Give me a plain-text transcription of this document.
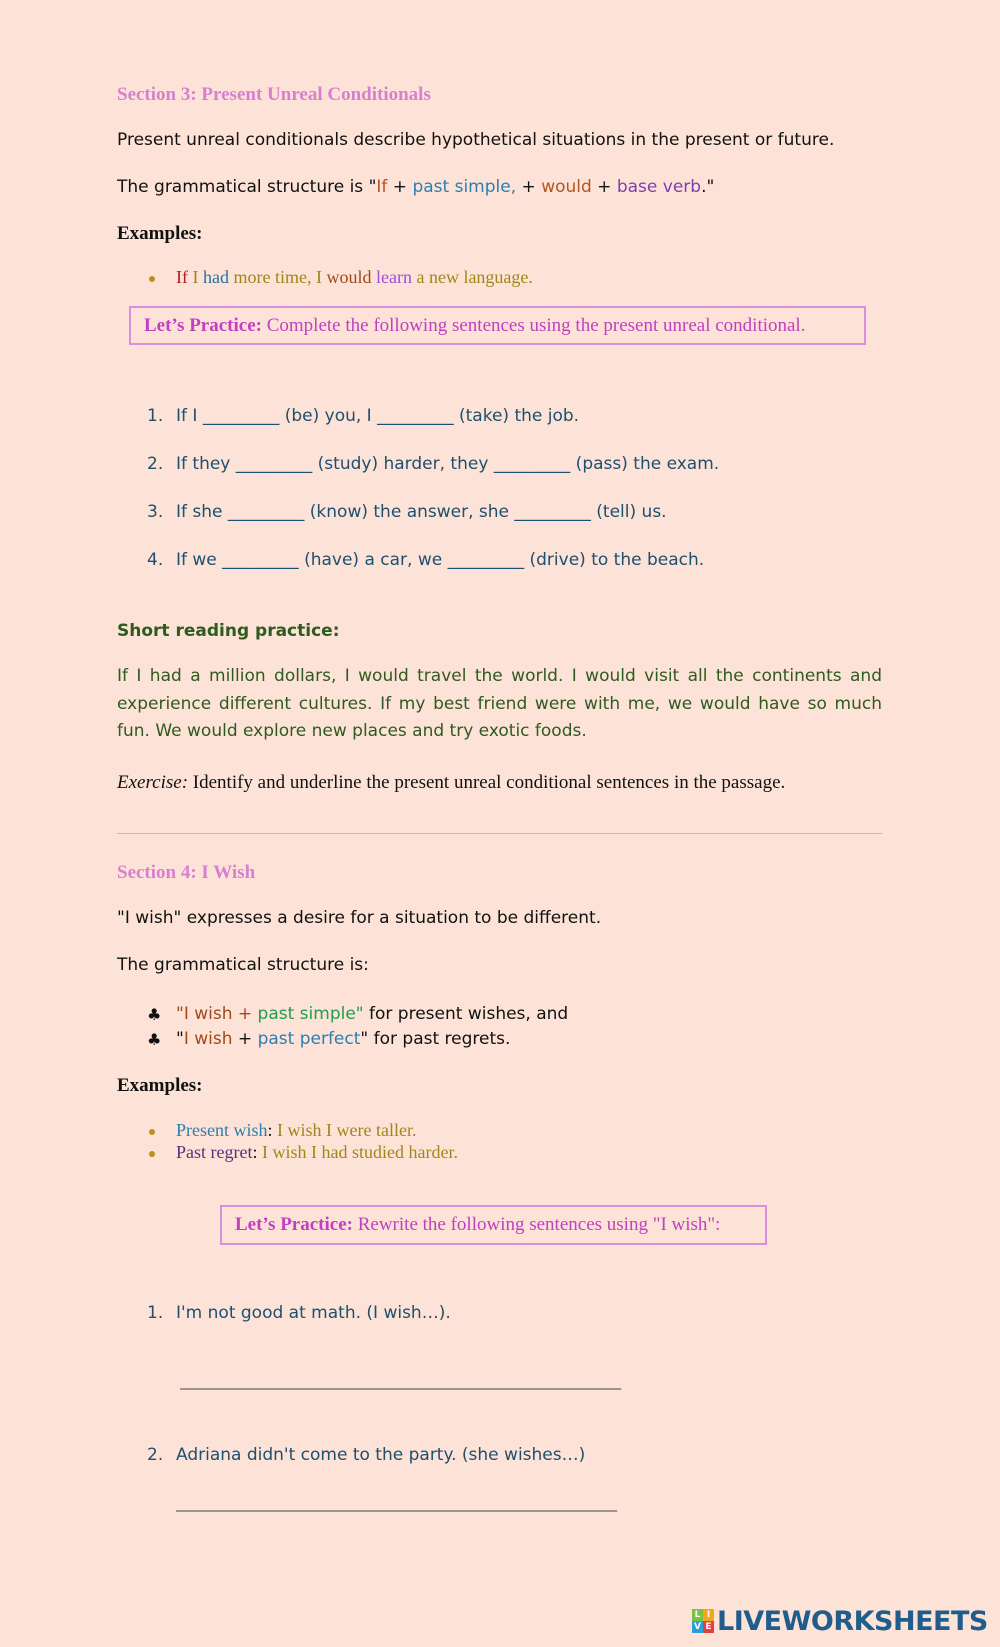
Section 3: Present Unreal Conditionals
Present unreal conditionals describe hypothetical situations in the present or future.
The grammatical structure is "If + past simple, + would + base verb."
Examples:
If I had more time, I would learn a new language.
Let’s Practice: Complete the following sentences using the present unreal conditional.
1. If I _________ (be) you, I _________ (take) the job.
2. If they _________ (study) harder, they _________ (pass) the exam.
3. If she _________ (know) the answer, she _________ (tell) us.
4. If we _________ (have) a car, we _________ (drive) to the beach.
Short reading practice:

If I had a million dollars, I would travel the world. I would visit all the continents and experience different cultures. If my best friend were with me, we would have so much fun. We would explore new places and try exotic foods.

Exercise: Identify and underline the present unreal conditional sentences in the passage.
Section 4: I Wish
"I wish" expresses a desire for a situation to be different.
The grammatical structure is:
♣ "I wish + past simple" for present wishes, and
♣ "I wish + past perfect" for past regrets.
Examples:
Present wish: I wish I were taller.
Past regret: I wish I had studied harder.
Let’s Practice: Rewrite the following sentences using "I wish":
1. I'm not good at math. (I wish…).
_______________________________________________________________
2. Adriana didn't come to the party. (she wishes…)
_______________________________________________________________
L I
V E LIVEWORKSHEETS
